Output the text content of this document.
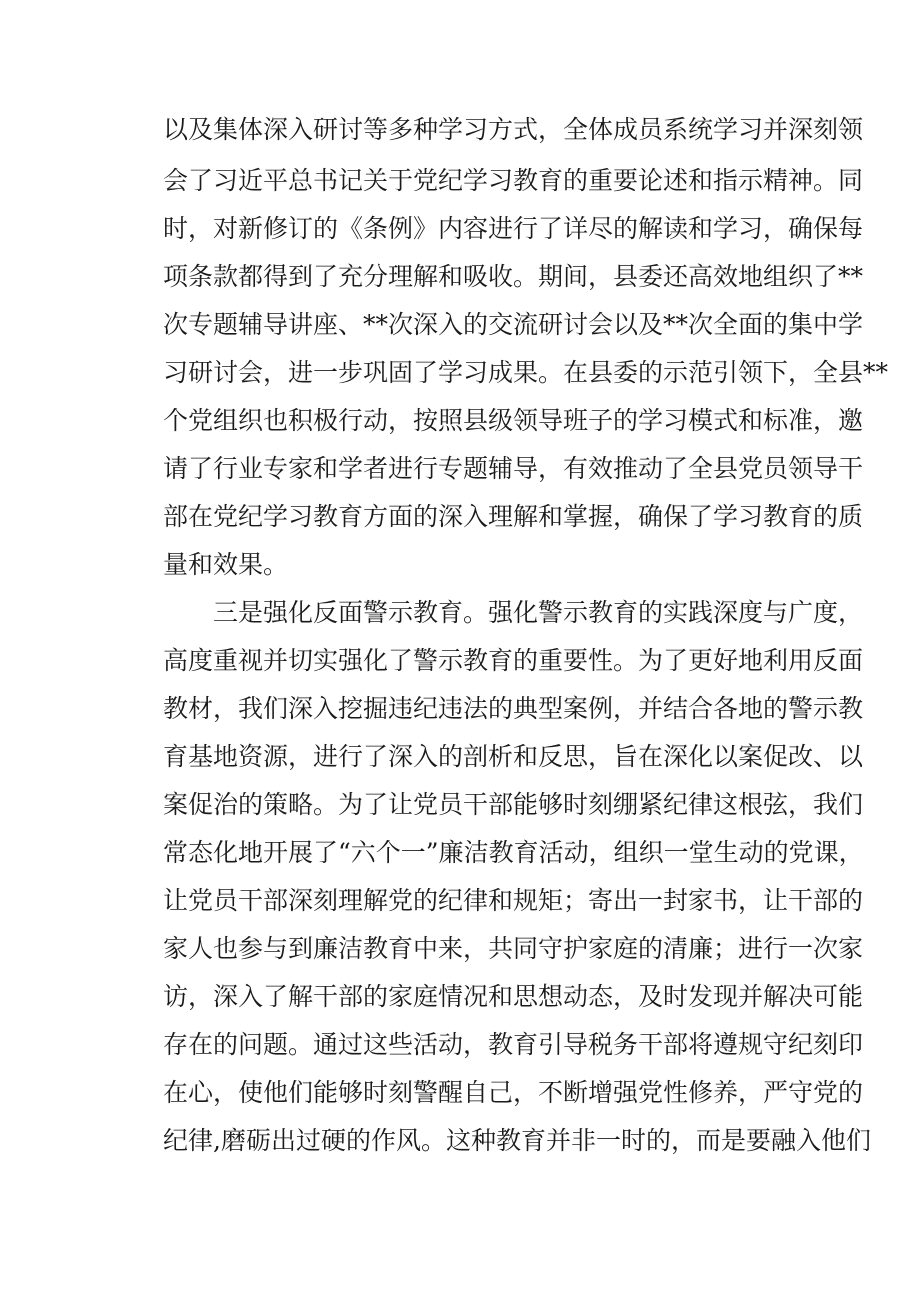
以及集体深入研讨等多种学习方式，全体成员系统学习并深刻领
会了习近平总书记关于党纪学习教育的重要论述和指示精神。同
时，对新修订的《条例》内容进行了详尽的解读和学习，确保每
项条款都得到了充分理解和吸收。期间，县委还高效地组织了**
次专题辅导讲座、**次深入的交流研讨会以及**次全面的集中学
习研讨会，进一步巩固了学习成果。在县委的示范引领下，全县**
个党组织也积极行动，按照县级领导班子的学习模式和标准，邀
请了行业专家和学者进行专题辅导，有效推动了全县党员领导干
部在党纪学习教育方面的深入理解和掌握，确保了学习教育的质
量和效果。
三是强化反面警示教育。强化警示教育的实践深度与广度，
高度重视并切实强化了警示教育的重要性。为了更好地利用反面
教材，我们深入挖掘违纪违法的典型案例，并结合各地的警示教
育基地资源，进行了深入的剖析和反思，旨在深化以案促改、以
案促治的策略。为了让党员干部能够时刻绷紧纪律这根弦，我们
常态化地开展了“六个一”廉洁教育活动，组织一堂生动的党课，
让党员干部深刻理解党的纪律和规矩；寄出一封家书，让干部的
家人也参与到廉洁教育中来，共同守护家庭的清廉；进行一次家
访，深入了解干部的家庭情况和思想动态，及时发现并解决可能
存在的问题。通过这些活动，教育引导税务干部将遵规守纪刻印
在心，使他们能够时刻警醒自己，不断增强党性修养，严守党的
纪律,磨砺出过硬的作风。这种教育并非一时的，而是要融入他们
